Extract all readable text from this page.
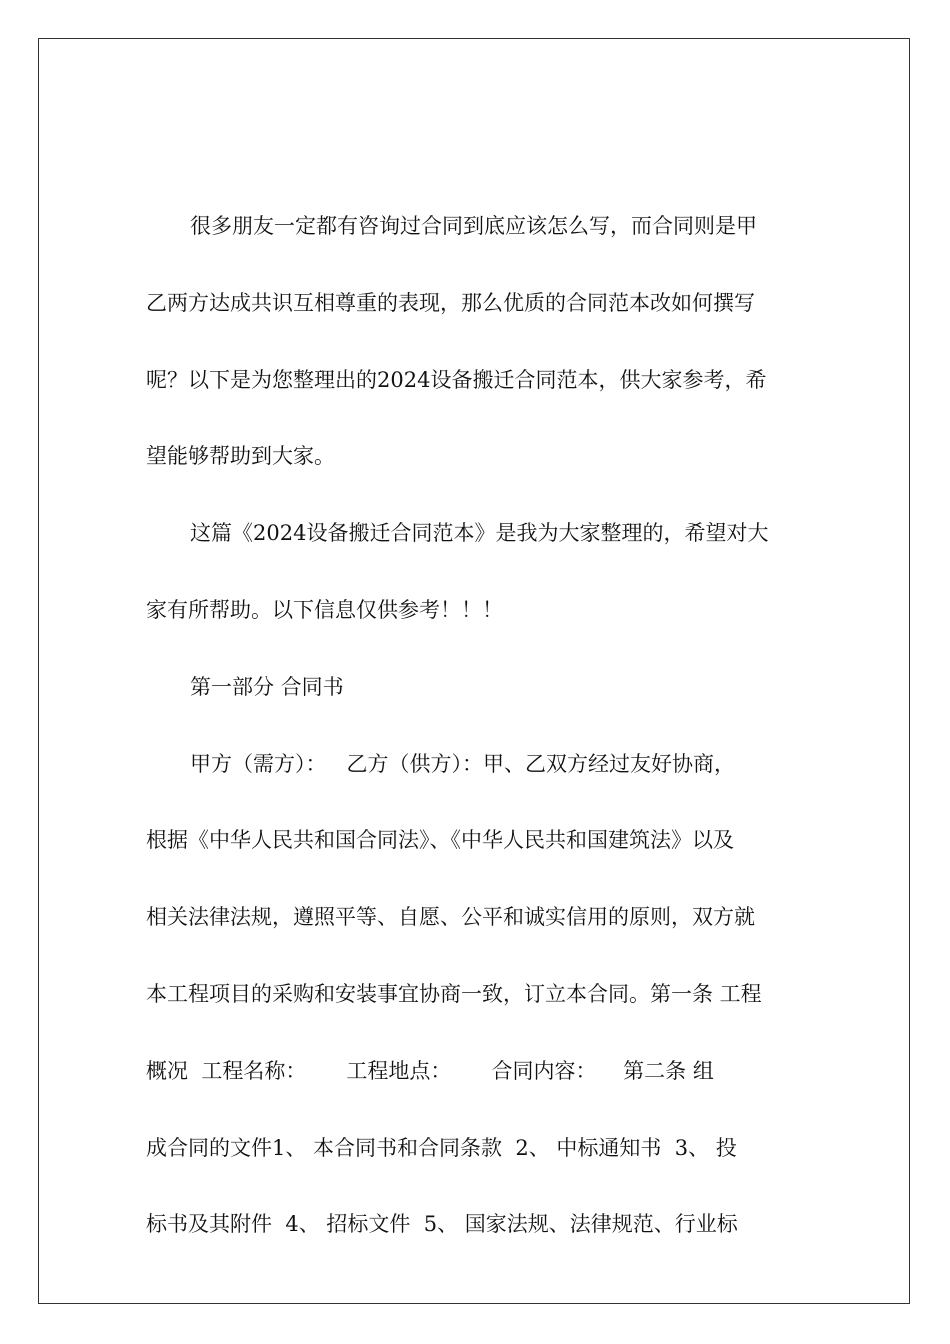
很多朋友一定都有咨询过合同到底应该怎么写，而合同则是甲
乙两方达成共识互相尊重的表现，那么优质的合同范本改如何撰写
呢？以下是为您整理出的2024设备搬迁合同范本，供大家参考，希
望能够帮助到大家。
这篇《2024设备搬迁合同范本》是我为大家整理的，希望对大
家有所帮助。以下信息仅供参考！！！
第一部分 合同书
甲方（需方）：   乙方（供方）：甲、乙双方经过友好协商，
根据《中华人民共和国合同法》、《中华人民共和国建筑法》以及
相关法律法规，遵照平等、自愿、公平和诚实信用的原则，双方就
本工程项目的采购和安装事宜协商一致，订立本合同。第一条 工程
概况  工程名称：      工程地点：      合同内容：    第二条 组
成合同的文件1、 本合同书和合同条款  2、 中标通知书  3、 投
标书及其附件  4、 招标文件  5、 国家法规、法律规范、行业标
